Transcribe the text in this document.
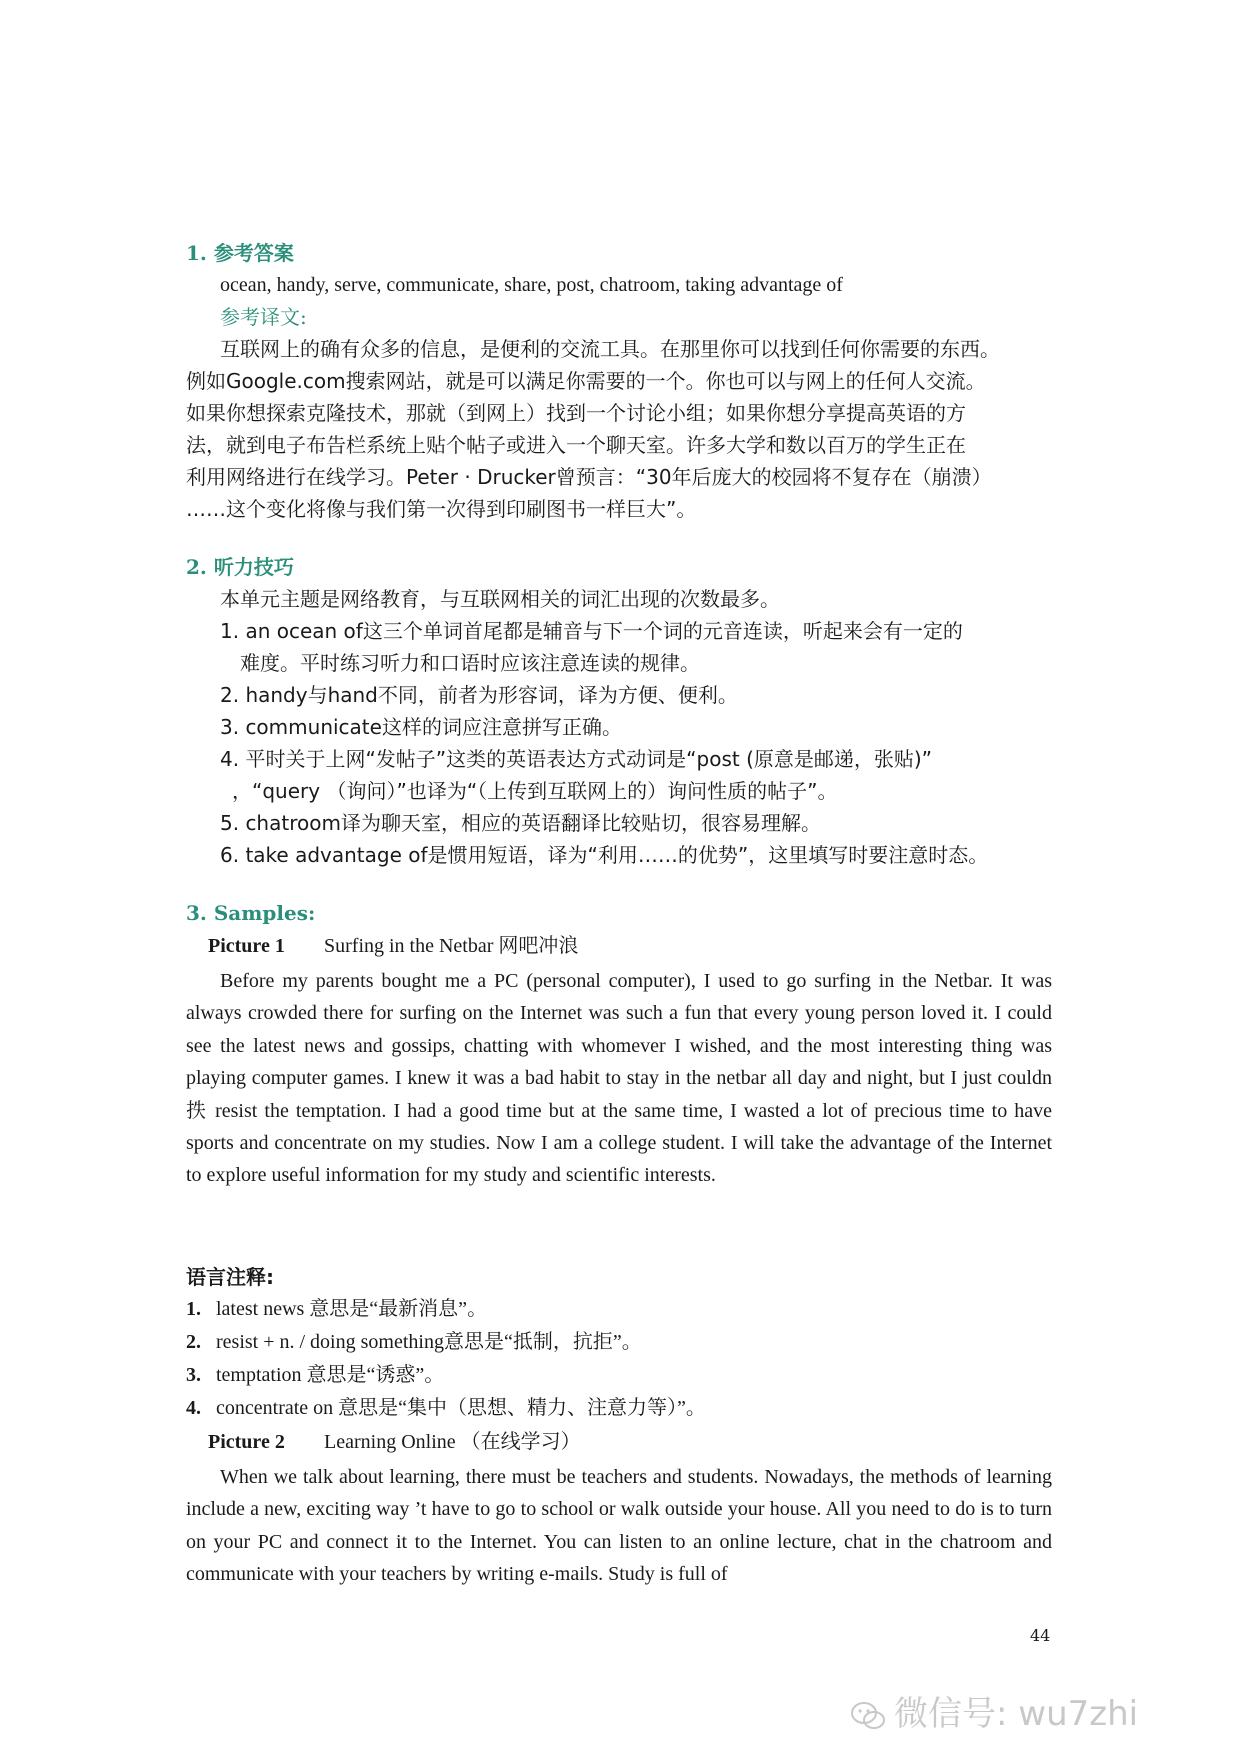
1. 参考答案
ocean, handy, serve, communicate, share, post, chatroom, taking advantage of
参考译文:
互联网上的确有众多的信息，是便利的交流工具。在那里你可以找到任何你需要的东西。
例如Google.com搜索网站，就是可以满足你需要的一个。你也可以与网上的任何人交流。
如果你想探索克隆技术，那就（到网上）找到一个讨论小组；如果你想分享提高英语的方
法，就到电子布告栏系统上贴个帖子或进入一个聊天室。许多大学和数以百万的学生正在
利用网络进行在线学习。Peter · Drucker曾预言：“30年后庞大的校园将不复存在（崩溃）
……这个变化将像与我们第一次得到印刷图书一样巨大”。
2. 听力技巧
本单元主题是网络教育，与互联网相关的词汇出现的次数最多。
1. an ocean of这三个单词首尾都是辅音与下一个词的元音连读，听起来会有一定的
难度。平时练习听力和口语时应该注意连读的规律。
2. handy与hand不同，前者为形容词，译为方便、便利。
3. communicate这样的词应注意拼写正确。
4. 平时关于上网“发帖子”这类的英语表达方式动词是“post (原意是邮递，张贴)”
，“query （询问）”也译为“（上传到互联网上的）询问性质的帖子”。
5. chatroom译为聊天室，相应的英语翻译比较贴切，很容易理解。
6. take advantage of是惯用短语，译为“利用……的优势”，这里填写时要注意时态。
3. Samples:
Picture 1 Surfing in the Netbar 网吧冲浪
Before my parents bought me a PC (personal computer), I used to go surfing in the Netbar. It was always crowded there for surfing on the Internet was such a fun that every young person loved it. I could see the latest news and gossips, chatting with whomever I wished, and the most interesting thing was playing computer games. I knew it was a bad habit to stay in the netbar all day and night, but I just couldn抶 resist the temptation. I had a good time but at the same time, I wasted a lot of precious time to have sports and concentrate on my studies. Now I am a college student. I will take the advantage of the Internet to explore useful information for my study and scientific interests.
语言注释:
1. latest news 意思是“最新消息”。
2. resist + n. / doing something意思是“抵制，抗拒”。
3. temptation 意思是“诱惑”。
4. concentrate on 意思是“集中（思想、精力、注意力等）”。
Picture 2 Learning Online （在线学习）
When we talk about learning, there must be teachers and students. Nowadays, the methods of learning include a new, exciting way ’t have to go to school or walk outside your house. All you need to do is to turn on your PC and connect it to the Internet. You can listen to an online lecture, chat in the chatroom and communicate with your teachers by writing e-mails. Study is full of
44
微信号: wu7zhi
